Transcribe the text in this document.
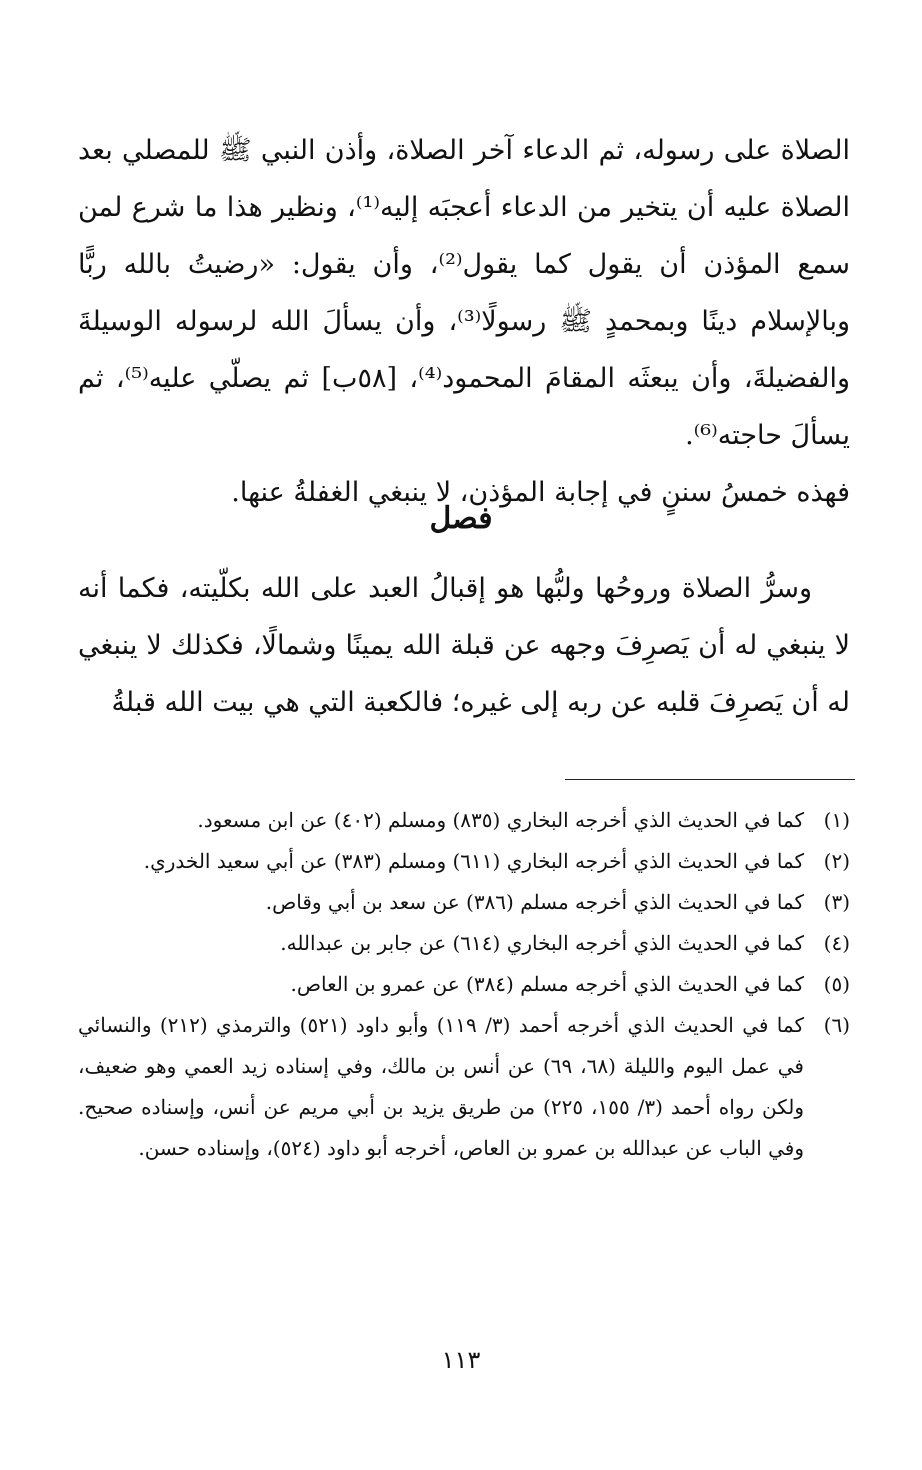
الصلاة على رسوله، ثم الدعاء آخر الصلاة، وأذن النبي ﷺ للمصلي بعد الصلاة عليه أن يتخير من الدعاء أعجبَه إليه⁽¹⁾، ونظير هذا ما شرع لمن سمع المؤذن أن يقول كما يقول⁽²⁾، وأن يقول: «رضيتُ بالله ربًّا وبالإسلام دينًا وبمحمدٍ ﷺ رسولًا⁽³⁾، وأن يسألَ الله لرسوله الوسيلةَ والفضيلةَ، وأن يبعثَه المقامَ المحمود⁽⁴⁾، [٥٨ب] ثم يصلّي عليه⁽⁵⁾، ثم يسألَ حاجته⁽⁶⁾.

فهذه خمسُ سننٍ في إجابة المؤذن، لا ينبغي الغفلةُ عنها.

فصل

وسرُّ الصلاة وروحُها ولبُّها هو إقبالُ العبد على الله بكلّيته، فكما أنه لا ينبغي له أن يَصرِفَ وجهه عن قبلة الله يمينًا وشمالًا، فكذلك لا ينبغي له أن يَصرِفَ قلبه عن ربه إلى غيره؛ فالكعبة التي هي بيت الله قبلةُ

(١)
كما في الحديث الذي أخرجه البخاري (٨٣٥) ومسلم (٤٠٢) عن ابن مسعود.
(٢)
كما في الحديث الذي أخرجه البخاري (٦١١) ومسلم (٣٨٣) عن أبي سعيد الخدري.
(٣)
كما في الحديث الذي أخرجه مسلم (٣٨٦) عن سعد بن أبي وقاص.
(٤)
كما في الحديث الذي أخرجه البخاري (٦١٤) عن جابر بن عبدالله.
(٥)
كما في الحديث الذي أخرجه مسلم (٣٨٤) عن عمرو بن العاص.
(٦)
كما في الحديث الذي أخرجه أحمد (٣/ ١١٩) وأبو داود (٥٢١) والترمذي (٢١٢) والنسائي في عمل اليوم والليلة (٦٨، ٦٩) عن أنس بن مالك، وفي إسناده زيد العمي وهو ضعيف، ولكن رواه أحمد (٣/ ١٥٥، ٢٢٥) من طريق يزيد بن أبي مريم عن أنس، وإسناده صحيح. وفي الباب عن عبدالله بن عمرو بن العاص، أخرجه أبو داود (٥٢٤)، وإسناده حسن.
١١٣
